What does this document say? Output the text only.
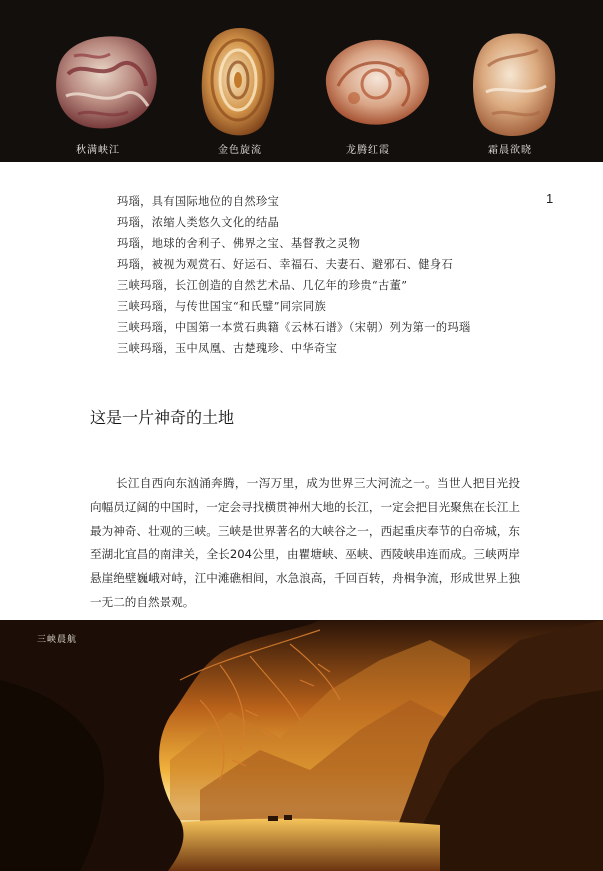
秋满峡江	金色旋流	龙腾红霞	霜晨欲晓
1
玛瑙，具有国际地位的自然珍宝
玛瑙，浓缩人类悠久文化的结晶
玛瑙，地球的舍利子、佛界之宝、基督教之灵物
玛瑙，被视为观赏石、好运石、幸福石、夫妻石、避邪石、健身石
三峡玛瑙，长江创造的自然艺术品、几亿年的珍贵“古董”
三峡玛瑙，与传世国宝“和氏璧”同宗同族
三峡玛瑙，中国第一本赏石典籍《云林石谱》（宋朝）列为第一的玛瑙
三峡玛瑙，玉中凤凰、古楚瑰珍、中华奇宝
这是一片神奇的土地

长江自西向东汹涌奔腾，一泻万里，成为世界三大河流之一。当世人把目光投向幅员辽阔的中国时，一定会寻找横贯神州大地的长江，一定会把目光聚焦在长江上最为神奇、壮观的三峡。三峡是世界著名的大峡谷之一，西起重庆奉节的白帝城，东至湖北宜昌的南津关，全长204公里，由瞿塘峡、巫峡、西陵峡串连而成。三峡两岸悬崖绝壁巍峨对峙，江中滩礁相间，水急浪高，千回百转，舟楫争流，形成世界上独一无二的自然景观。

三峡晨航
